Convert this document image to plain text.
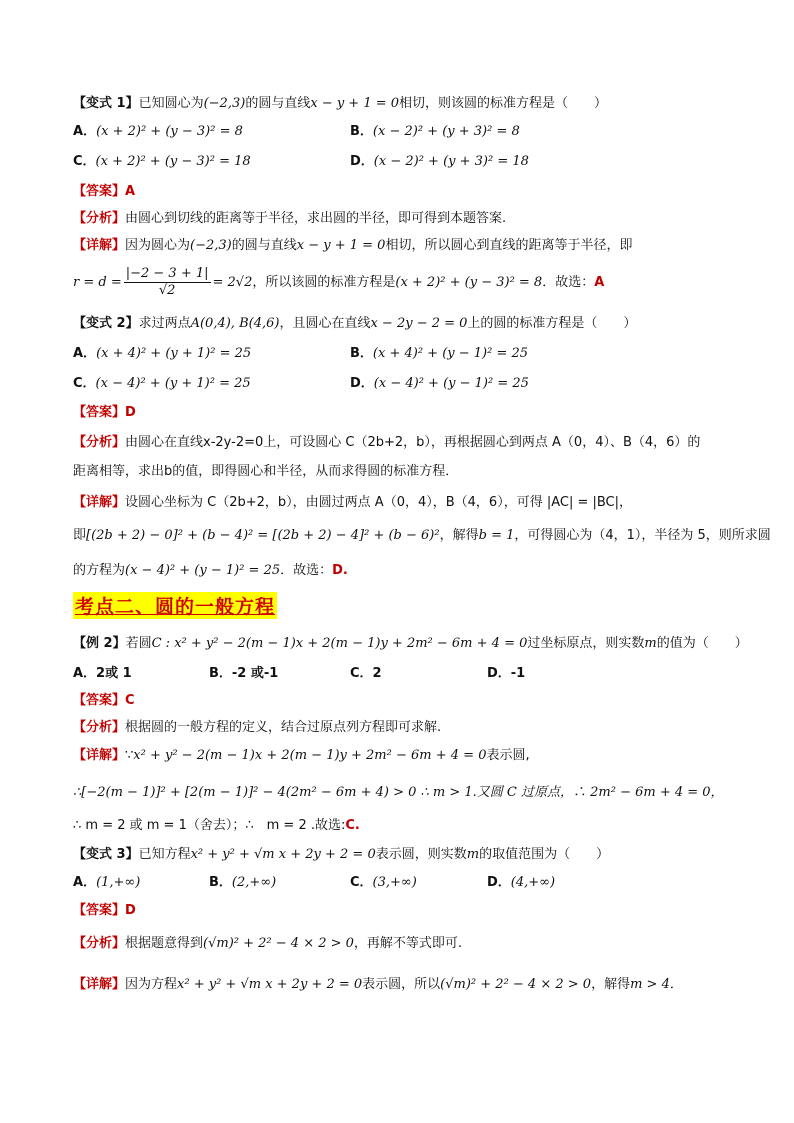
【变式 1】已知圆心为(−2,3)的圆与直线x − y + 1 = 0相切，则该圆的标准方程是（　　）
A．(x + 2)² + (y − 3)² = 8	B．(x − 2)² + (y + 3)² = 8
C．(x + 2)² + (y − 3)² = 18	D．(x − 2)² + (y + 3)² = 18
【答案】A
【分析】由圆心到切线的距离等于半径，求出圆的半径，即可得到本题答案.
【详解】因为圆心为(−2,3)的圆与直线x − y + 1 = 0相切，所以圆心到直线的距离等于半径，即
$r = d = \frac{|-2 - 3 + 1|}{√2} = 2√2$，所以该圆的标准方程是(x + 2)² + (y − 3)² = 8．故选：A
【变式 2】求过两点A(0,4), B(4,6)，且圆心在直线x − 2y − 2 = 0上的圆的标准方程是（　　）
A．(x + 4)² + (y + 1)² = 25	B．(x + 4)² + (y − 1)² = 25
C．(x − 4)² + (y + 1)² = 25	D．(x − 4)² + (y − 1)² = 25
【答案】D
【分析】由圆心在直线x-2y-2=0上，可设圆心 C（2b+2，b），再根据圆心到两点 A（0，4）、B（4，6）的
距离相等，求出b的值，即得圆心和半径，从而求得圆的标准方程．
【详解】设圆心坐标为 C（2b+2，b），由圆过两点 A（0，4），B（4，6），可得 |AC| = |BC|，
即[(2b + 2) − 0]² + (b − 4)² = [(2b + 2) − 4]² + (b − 6)²，解得b = 1，可得圆心为（4，1），半径为 5，则所求圆
的方程为(x − 4)² + (y − 1)² = 25．故选：D.
考点二、圆的一般方程
【例 2】若圆C : x² + y² − 2(m − 1)x + 2(m − 1)y + 2m² − 6m + 4 = 0过坐标原点，则实数m的值为（　　）
A．2或 1	B．-2 或-1	C．2	D．-1
【答案】C
【分析】根据圆的一般方程的定义，结合过原点列方程即可求解.
【详解】∵x² + y² − 2(m − 1)x + 2(m − 1)y + 2m² − 6m + 4 = 0表示圆,
∴[−2(m − 1)]² + [2(m − 1)]² − 4(2m² − 6m + 4) > 0 ∴ m > 1.又圆 C 过原点，∴ 2m² − 6m + 4 = 0，
∴ m = 2 或 m = 1（舍去）；∴　m = 2 .故选:C.
【变式 3】已知方程x² + y² + √m x + 2y + 2 = 0表示圆，则实数m的取值范围为（　　）
A．(1,+∞)	B．(2,+∞)	C．(3,+∞)	D．(4,+∞)
【答案】D
【分析】根据题意得到(√m)² + 2² − 4 × 2 > 0，再解不等式即可.
【详解】因为方程x² + y² + √m x + 2y + 2 = 0表示圆，所以(√m)² + 2² − 4 × 2 > 0，解得m > 4．
